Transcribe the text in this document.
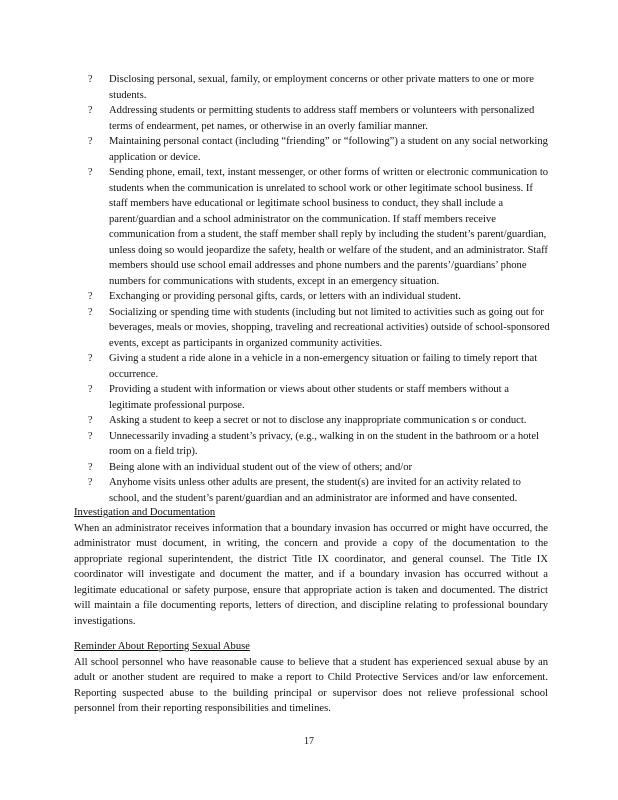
?	Disclosing personal, sexual, family, or employment concerns or other private matters to one or more students.
?	Addressing students or permitting students to address staff members or volunteers with personalized terms of endearment, pet names, or otherwise in an overly familiar manner.
?	Maintaining personal contact (including “friending” or “following”) a student on any social networking application or device.
?	Sending phone, email, text, instant messenger, or other forms of written or electronic communication to students when the communication is unrelated to school work or other legitimate school business. If staff members have educational or legitimate school business to conduct, they shall include a parent/guardian and a school administrator on the communication. If staff members receive communication from a student, the staff member shall reply by including the student’s parent/guardian, unless doing so would jeopardize the safety, health or welfare of the student, and an administrator. Staff members should use school email addresses and phone numbers and the parents’/guardians’ phone numbers for communications with students, except in an emergency situation.
?	Exchanging or providing personal gifts, cards, or letters with an individual student.
?	Socializing or spending time with students (including but not limited to activities such as going out for beverages, meals or movies, shopping, traveling and recreational activities) outside of school-sponsored events, except as participants in organized community activities.
?	Giving a student a ride alone in a vehicle in a non-emergency situation or failing to timely report that occurrence.
?	Providing a student with information or views about other students or staff members without a legitimate professional purpose.
?	Asking a student to keep a secret or not to disclose any inappropriate communication s or conduct.
?	Unnecessarily invading a student’s privacy, (e.g., walking in on the student in the bathroom or a hotel room on a field trip).
?	Being alone with an individual student out of the view of others; and/or
?	Anyhome visits unless other adults are present, the student(s) are invited for an activity related to school, and the student’s parent/guardian and an administrator are informed and have consented.
Investigation and Documentation

When an administrator receives information that a boundary invasion has occurred or might have occurred, the administrator must document, in writing, the concern and provide a copy of the documentation to the appropriate regional superintendent, the district Title IX coordinator, and general counsel. The Title IX coordinator will investigate and document the matter, and if a boundary invasion has occurred without a legitimate educational or safety purpose, ensure that appropriate action is taken and documented. The district will maintain a file documenting reports, letters of direction, and discipline relating to professional boundary investigations.

Reminder About Reporting Sexual Abuse

All school personnel who have reasonable cause to believe that a student has experienced sexual abuse by an adult or another student are required to make a report to Child Protective Services and/or law enforcement. Reporting suspected abuse to the building principal or supervisor does not relieve professional school personnel from their reporting responsibilities and timelines.

17
